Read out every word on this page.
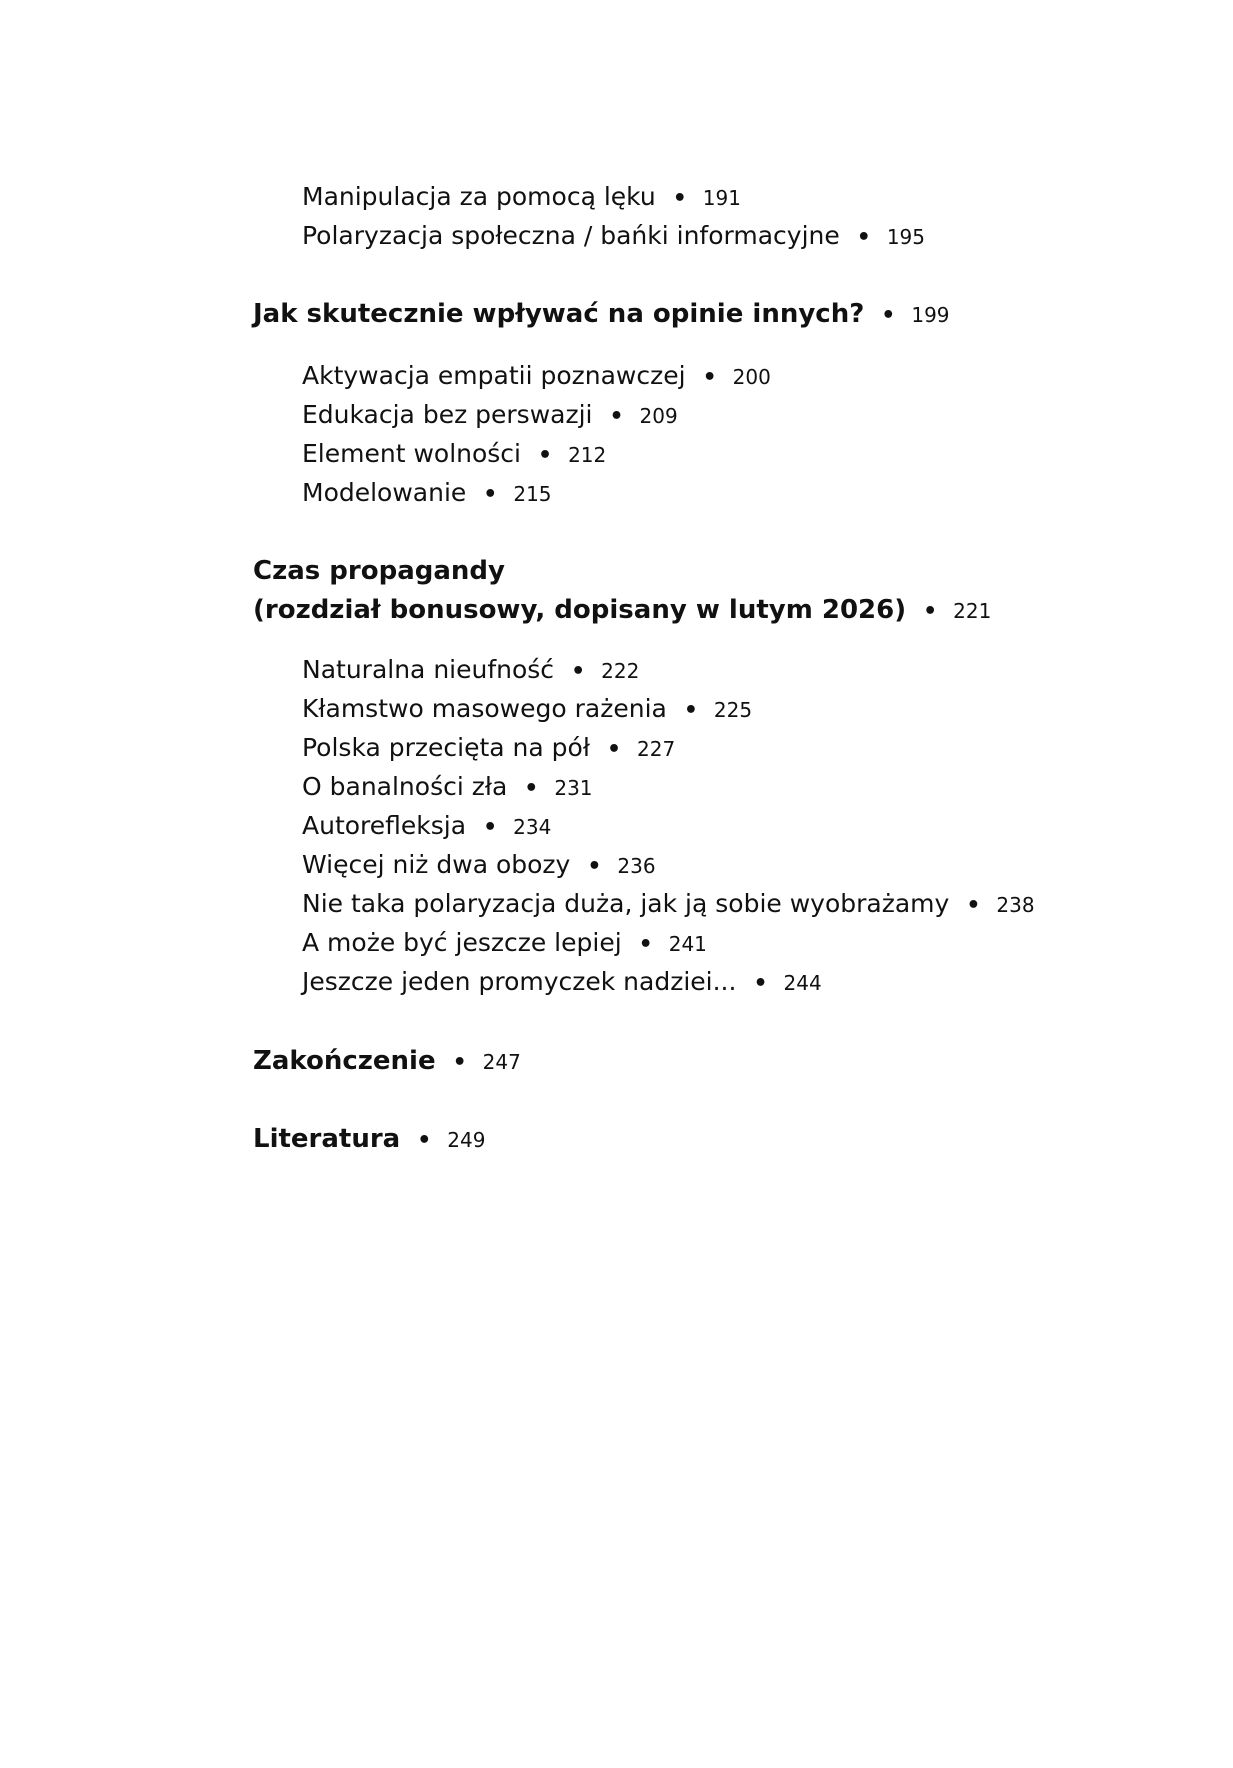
Manipulacja za pomocą lęku • 191
Polaryzacja społeczna / bańki informacyjne • 195
Jak skutecznie wpływać na opinie innych? • 199
Aktywacja empatii poznawczej • 200
Edukacja bez perswazji • 209
Element wolności • 212
Modelowanie • 215
Czas propagandy
(rozdział bonusowy, dopisany w lutym 2026) • 221
Naturalna nieufność • 222
Kłamstwo masowego rażenia • 225
Polska przecięta na pół • 227
O banalności zła • 231
Autorefleksja • 234
Więcej niż dwa obozy • 236
Nie taka polaryzacja duża, jak ją sobie wyobrażamy • 238
A może być jeszcze lepiej • 241
Jeszcze jeden promyczek nadziei... • 244
Zakończenie • 247
Literatura • 249
